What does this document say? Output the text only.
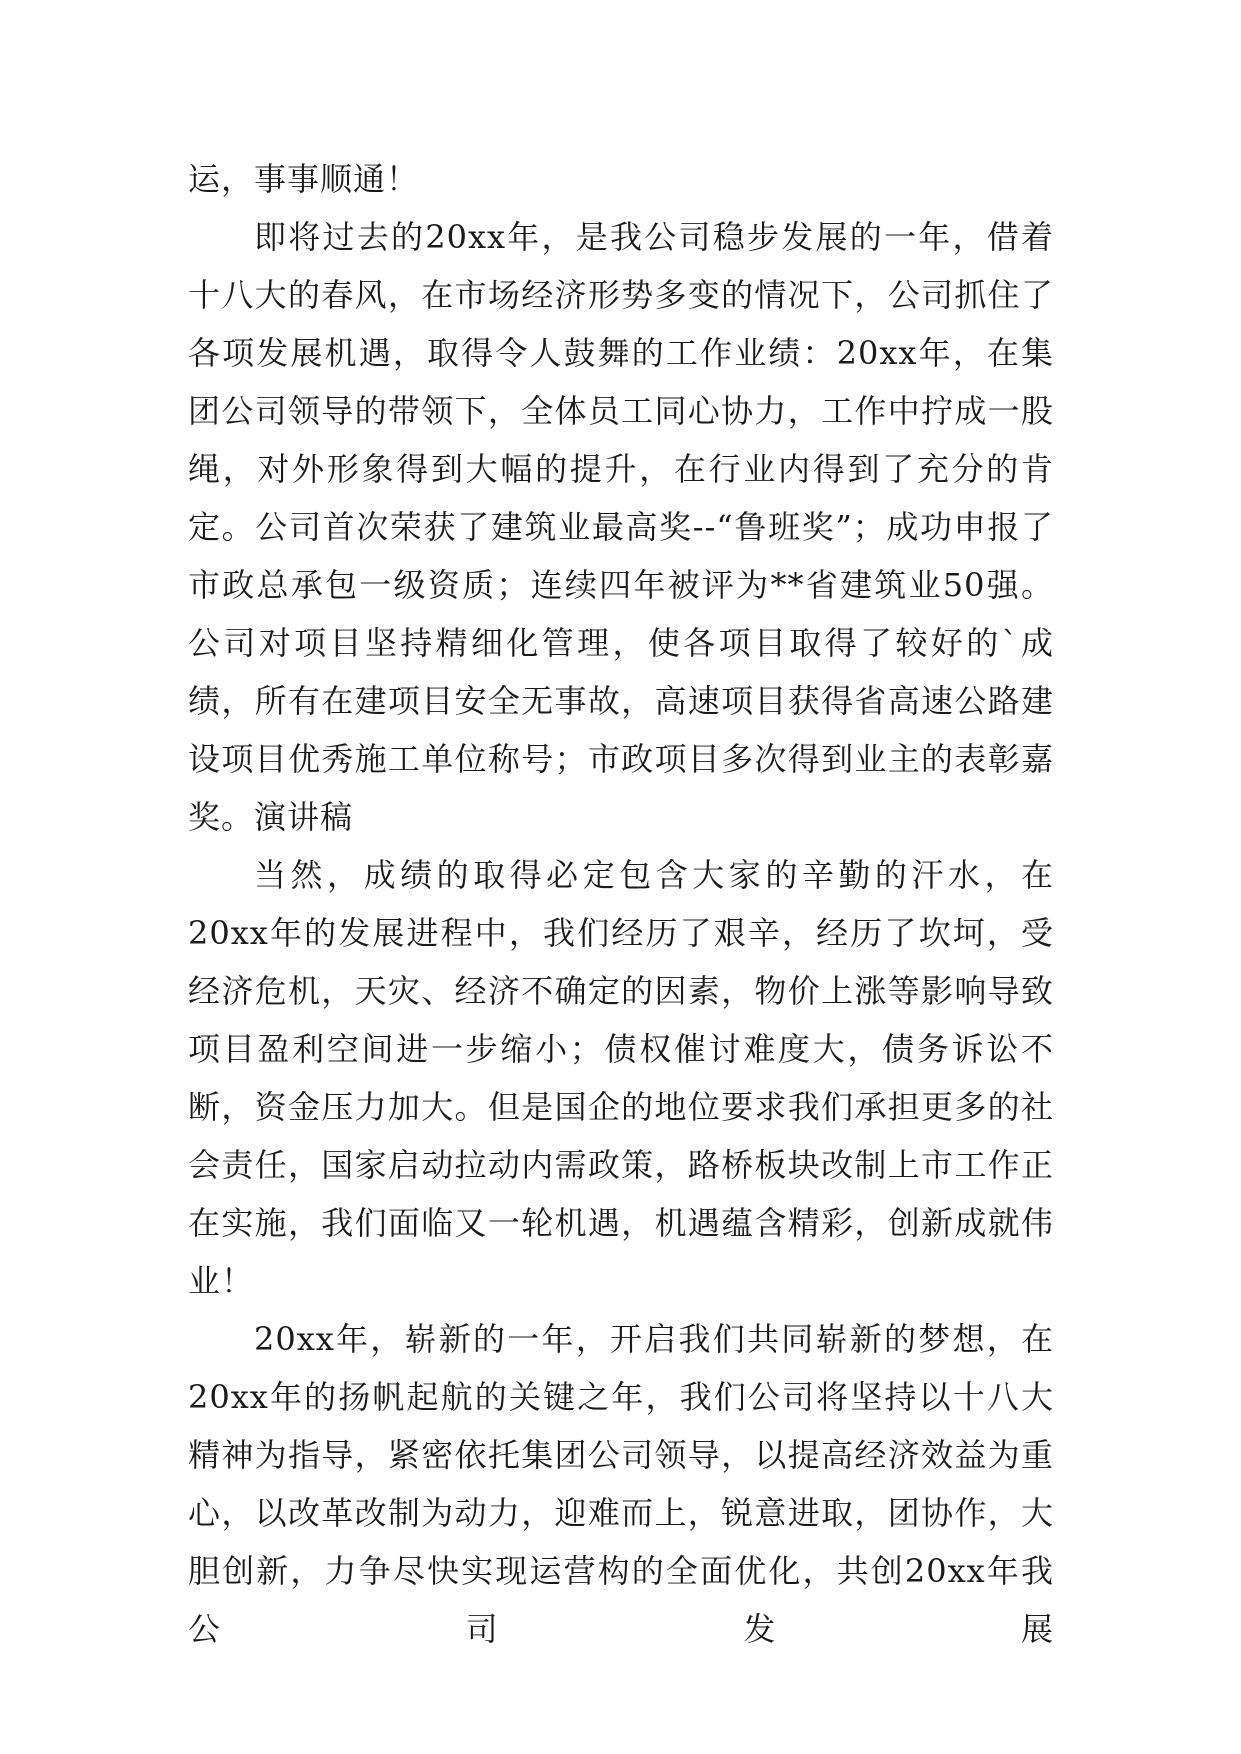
运，事事顺通！

即将过去的20xx年，是我公司稳步发展的一年，借着十八大的春风，在市场经济形势多变的情况下，公司抓住了各项发展机遇，取得令人鼓舞的工作业绩：20xx年，在集团公司领导的带领下，全体员工同心协力，工作中拧成一股绳，对外形象得到大幅的提升，在行业内得到了充分的肯定。公司首次荣获了建筑业最高奖--“鲁班奖”；成功申报了市政总承包一级资质；连续四年被评为**省建筑业50强。公司对项目坚持精细化管理，使各项目取得了较好的`成绩，所有在建项目安全无事故，高速项目获得省高速公路建设项目优秀施工单位称号；市政项目多次得到业主的表彰嘉奖。演讲稿

当然，成绩的取得必定包含大家的辛勤的汗水，在20xx年的发展进程中，我们经历了艰辛，经历了坎坷，受经济危机，天灾、经济不确定的因素，物价上涨等影响导致项目盈利空间进一步缩小；债权催讨难度大，债务诉讼不断，资金压力加大。但是国企的地位要求我们承担更多的社会责任，国家启动拉动内需政策，路桥板块改制上市工作正在实施，我们面临又一轮机遇，机遇蕴含精彩，创新成就伟业！

20xx年，崭新的一年，开启我们共同崭新的梦想，在20xx年的扬帆起航的关键之年，我们公司将坚持以十八大精神为指导，紧密依托集团公司领导，以提高经济效益为重心，以改革改制为动力，迎难而上，锐意进取，团协作，大胆创新，力争尽快实现运营构的全面优化，共创20xx年我公司发展
